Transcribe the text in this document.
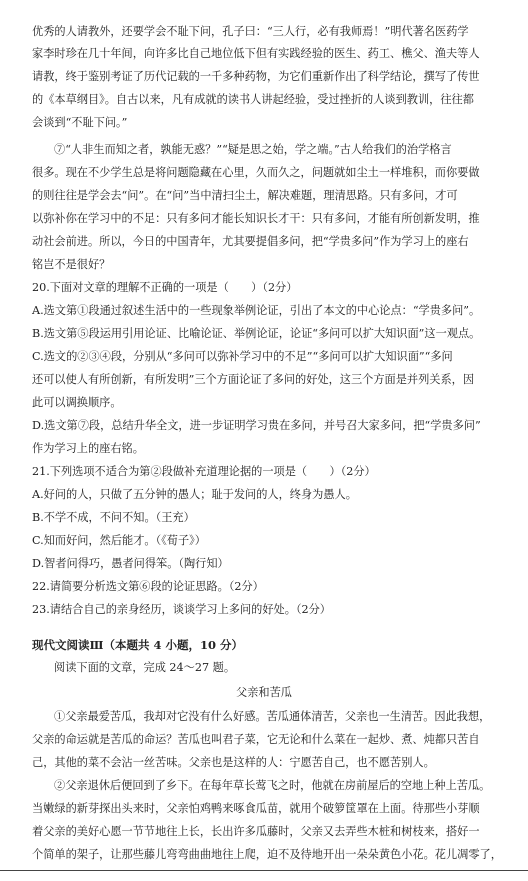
优秀的人请教外，还要学会不耻下问，孔子曰：“三人行，必有我师焉！”明代著名医药学
家李时珍在几十年间，向许多比自己地位低下但有实践经验的医生、药工、樵父、渔夫等人
请教，终于鉴别考证了历代记载的一千多种药物，为它们重新作出了科学结论，撰写了传世
的《本草纲目》。自古以来，凡有成就的读书人讲起经验，受过挫折的人谈到教训，往往都
会谈到“不耻下问。”
⑦“人非生而知之者，孰能无惑？”“疑是思之始，学之端。”古人给我们的治学格言
很多。现在不少学生总是将问题隐藏在心里，久而久之，问题就如尘土一样堆积，而你要做
的则往往是学会去“问”。在“问”当中清扫尘土，解决难题，理清思路。只有多问，才可
以弥补你在学习中的不足：只有多问才能长知识长才干：只有多问，才能有所创新发明，推
动社会前进。所以，今日的中国青年，尤其要提倡多问，把“学贵多问”作为学习上的座右
铭岂不是很好？
20.下面对文章的理解不正确的一项是（　　）（2分）
A.选文第①段通过叙述生活中的一些现象举例论证，引出了本文的中心论点：“学贵多问”。
B.选文第⑤段运用引用论证、比喻论证、举例论证，论证“多问可以扩大知识面”这一观点。
C.选文的②③④段，分别从“多问可以弥补学习中的不足”“多问可以扩大知识面”“多问
还可以使人有所创新，有所发明”三个方面论证了多问的好处，这三个方面是并列关系，因
此可以调换顺序。
D.选文第⑦段，总结升华全文，进一步证明学习贵在多问，并号召大家多问，把“学贵多问”
作为学习上的座右铭。
21.下列选项不适合为第②段做补充道理论据的一项是（　　）（2分）
A.好问的人，只做了五分钟的愚人；耻于发问的人，终身为愚人。
B.不学不成，不问不知。（王充）
C.知而好问，然后能才。（《荀子》）
D.智者问得巧，愚者问得笨。（陶行知）
22.请简要分析选文第⑥段的论证思路。（2分）
23.请结合自己的亲身经历，谈谈学习上多问的好处。（2分）
现代文阅读Ⅲ（本题共 4 小题，10 分）
阅读下面的文章，完成 24～27 题。
父亲和苦瓜
①父亲最爱苦瓜，我却对它没有什么好感。苦瓜通体清苦，父亲也一生清苦。因此我想，
父亲的命运就是苦瓜的命运？苦瓜也叫君子菜，它无论和什么菜在一起炒、煮、炖都只苦自
己，其他的菜不会沾一丝苦味。父亲也是这样的人：宁愿苦自己，也不愿苦别人。
②父亲退休后便回到了乡下。在每年草长莺飞之时，他就在房前屋后的空地上种上苦瓜。
当嫩绿的新芽探出头来时，父亲怕鸡鸭来啄食瓜苗，就用个破箩筐罩在上面。待那些小芽顺
着父亲的美好心愿一节节地往上长，长出许多瓜藤时，父亲又去弄些木桩和树枝来，搭好一
个简单的架子，让那些藤儿弯弯曲曲地往上爬，迫不及待地开出一朵朵黄色小花。花儿凋零了，
